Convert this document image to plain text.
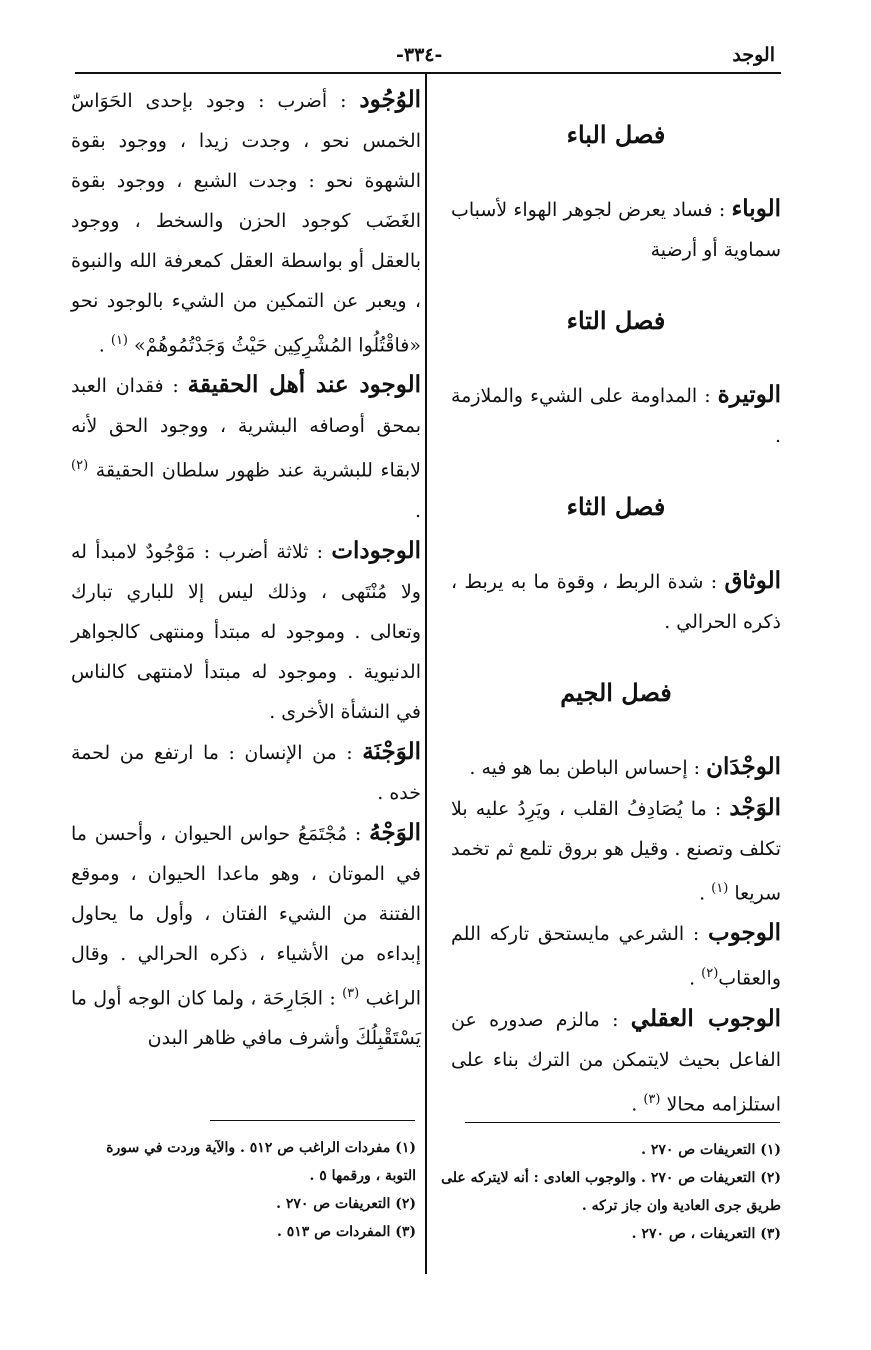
الوجد
-٣٣٤-

فصل الباء

الوباء : فساد يعرض لجوهر الهواء لأسباب سماوية أو أرضية

فصل التاء

الوتيرة : المداومة على الشيء والملازمة .

فصل الثاء

الوثاق : شدة الربط ، وقوة ما به يربط ، ذكره الحرالي .

فصل الجيم

الوجْدَان : إحساس الباطن بما هو فيه .

الوَجْد : ما يُصَادِفُ القلب ، ويَرِدُ عليه بلا تكلف وتصنع . وقيل هو بروق تلمع ثم تخمد سريعا $^{(١)}$ .

الوجوب : الشرعي مايستحق تاركه اللم والعقاب$^{(٢)}$ .

الوجوب العقلي : مالزم صدوره عن الفاعل بحيث لايتمكن من الترك بناء على استلزامه محالا $^{(٣)}$ .

الوُجُود : أضرب : وجود بإحدى الحَوَاسّ الخمس نحو ، وجدت زيدا ، ووجود بقوة الشهوة نحو : وجدت الشبع ، ووجود بقوة الغَضَب كوجود الحزن والسخط ، ووجود بالعقل أو بواسطة العقل كمعرفة الله والنبوة ، ويعبر عن التمكين من الشيء بالوجود نحو «فاقْتُلُوا المُشْرِكِين حَيْثُ وَجَدْتُمُوهُمْ» $^{(١)}$ .

الوجود عند أهل الحقيقة : فقدان العبد بمحق أوصافه البشرية ، ووجود الحق لأنه لابقاء للبشرية عند ظهور سلطان الحقيقة $^{(٢)}$ .

الوجودات : ثلاثة أضرب : مَوْجُودٌ لامبدأ له ولا مُنْتَهى ، وذلك ليس إلا للباري تبارك وتعالى . وموجود له مبتدأ ومنتهى كالجواهر الدنيوية . وموجود له مبتدأ لامنتهى كالناس في النشأة الأخرى .

الوَجْنَة : من الإنسان : ما ارتفع من لحمة خده .

الوَجْهُ : مُجْتَمَعُ حواس الحيوان ، وأحسن ما في الموتان ، وهو ماعدا الحيوان ، وموقع الفتنة من الشيء الفتان ، وأول ما يحاول إبداءه من الأشياء ، ذكره الحرالي . وقال الراغب $^{(٣)}$ : الجَارِحَة ، ولما كان الوجه أول ما يَسْتَقْبِلُكَ وأشرف مافي ظاهر البدن

(١) التعريفات ص ٢٧٠ .
(٢) التعريفات ص ٢٧٠ . والوجوب العادى : أنه لايتركه على طريق جرى العادية وان جاز تركه .
(٣) التعريفات ، ص ٢٧٠ .
(١) مفردات الراغب ص ٥١٢ . والآية وردت في سورة التوبة ، ورقمها ٥ .
(٢) التعريفات ص ٢٧٠ .
(٣) المفردات ص ٥١٣ .
